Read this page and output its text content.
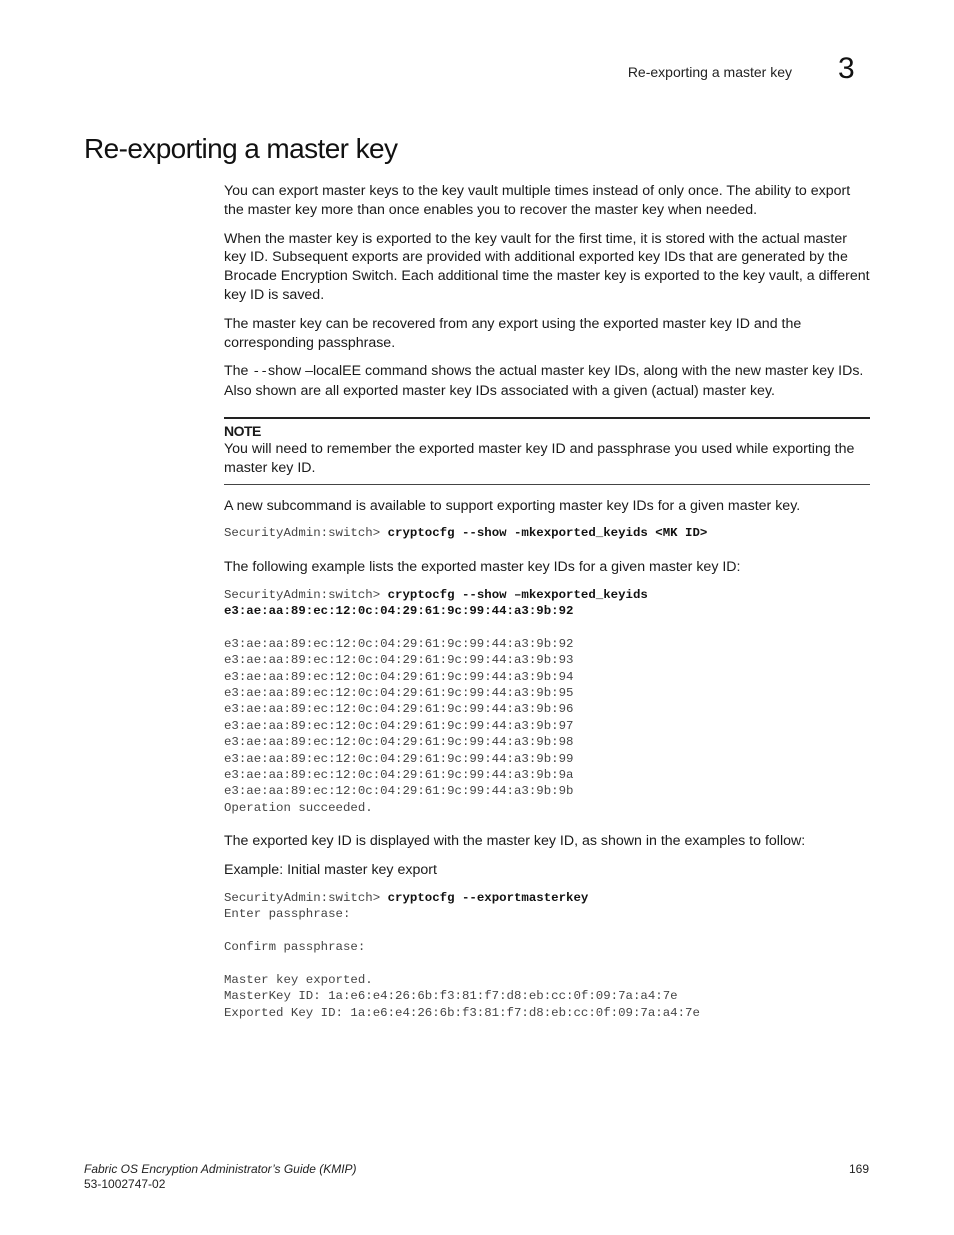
Re-exporting a master key 3
Re-exporting a master key

You can export master keys to the key vault multiple times instead of only once. The ability to export the master key more than once enables you to recover the master key when needed.

When the master key is exported to the key vault for the first time, it is stored with the actual master key ID. Subsequent exports are provided with additional exported key IDs that are generated by the Brocade Encryption Switch. Each additional time the master key is exported to the key vault, a different key ID is saved.

The master key can be recovered from any export using the exported master key ID and the corresponding passphrase.

The --show –localEE command shows the actual master key IDs, along with the new master key IDs. Also shown are all exported master key IDs associated with a given (actual) master key.

NOTE

You will need to remember the exported master key ID and passphrase you used while exporting the master key ID.

A new subcommand is available to support exporting master key IDs for a given master key.

SecurityAdmin:switch> cryptocfg --show -mkexported_keyids <MK ID>

The following example lists the exported master key IDs for a given master key ID:

SecurityAdmin:switch> cryptocfg --show –mkexported_keyids
e3:ae:aa:89:ec:12:0c:04:29:61:9c:99:44:a3:9b:92

e3:ae:aa:89:ec:12:0c:04:29:61:9c:99:44:a3:9b:92
e3:ae:aa:89:ec:12:0c:04:29:61:9c:99:44:a3:9b:93
e3:ae:aa:89:ec:12:0c:04:29:61:9c:99:44:a3:9b:94
e3:ae:aa:89:ec:12:0c:04:29:61:9c:99:44:a3:9b:95
e3:ae:aa:89:ec:12:0c:04:29:61:9c:99:44:a3:9b:96
e3:ae:aa:89:ec:12:0c:04:29:61:9c:99:44:a3:9b:97
e3:ae:aa:89:ec:12:0c:04:29:61:9c:99:44:a3:9b:98
e3:ae:aa:89:ec:12:0c:04:29:61:9c:99:44:a3:9b:99
e3:ae:aa:89:ec:12:0c:04:29:61:9c:99:44:a3:9b:9a
e3:ae:aa:89:ec:12:0c:04:29:61:9c:99:44:a3:9b:9b
Operation succeeded.

The exported key ID is displayed with the master key ID, as shown in the examples to follow:

Example: Initial master key export

SecurityAdmin:switch> cryptocfg --exportmasterkey
Enter passphrase:

Confirm passphrase:

Master key exported.
MasterKey ID: 1a:e6:e4:26:6b:f3:81:f7:d8:eb:cc:0f:09:7a:a4:7e
Exported Key ID: 1a:e6:e4:26:6b:f3:81:f7:d8:eb:cc:0f:09:7a:a4:7e
Fabric OS Encryption Administrator’s Guide (KMIP)
53-1002747-02
169
